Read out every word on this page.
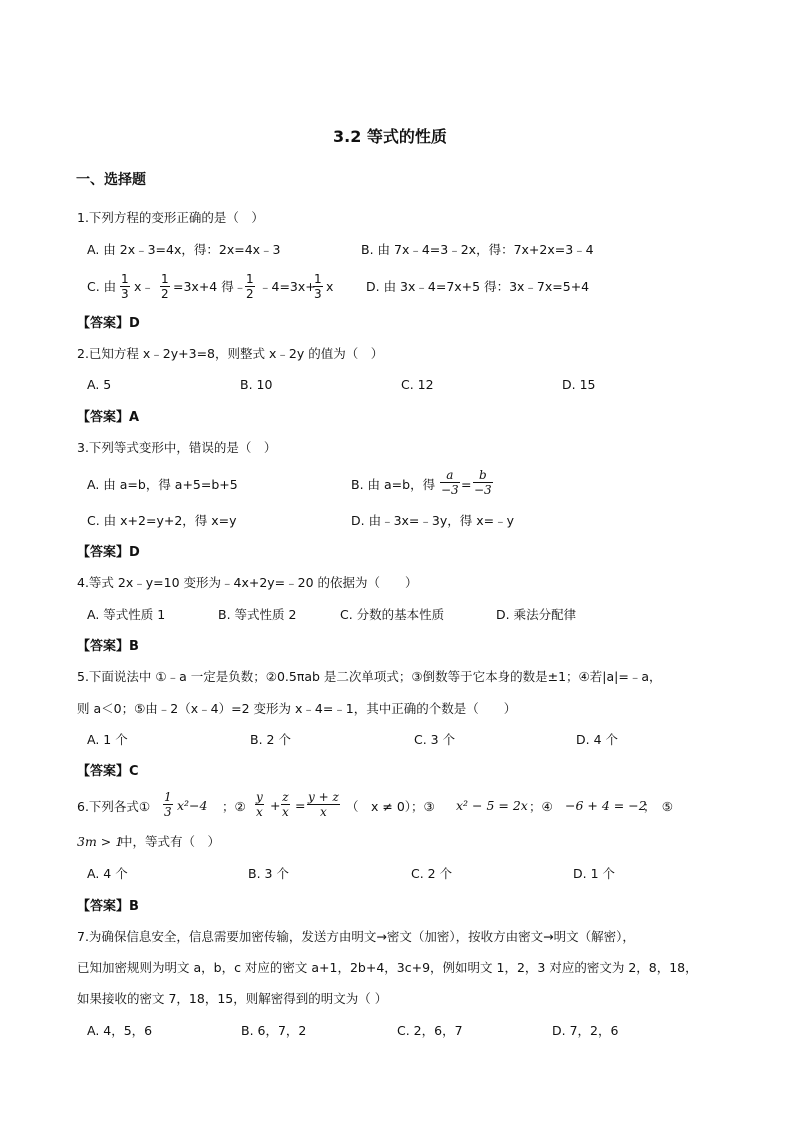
3.2 等式的性质
一、选择题
1.下列方程的变形正确的是（　）
A. 由 2x﹣3=4x，得：2x=4x﹣3	B. 由 7x﹣4=3﹣2x，得：7x+2x=3﹣4
C. 由 $\frac{1}{3}$ x﹣ $\frac{1}{2} =3x+4$ 得﹣
$\frac{1}{2}$ ﹣4=3x+
$\frac{1}{3}$ x	D. 由 3x﹣4=7x+5 得：3x﹣7x=5+4
【答案】D
2.已知方程 x﹣2y+3=8，则整式 x﹣2y 的值为（　）
A. 5	B. 10	C. 12	D. 15
【答案】A
3.下列等式变形中，错误的是（　）
A. 由 a=b，得 a+5=b+5	B. 由 a=b，得 $\frac{a}{-3} = \frac{b}{-3}$
C. 由 x+2=y+2，得 x=y	D. 由﹣3x=﹣3y，得 x=﹣y
【答案】D
4.等式 2x﹣y=10 变形为﹣4x+2y=﹣20 的依据为（　　）
A. 等式性质 1	B. 等式性质 2	C. 分数的基本性质	D. 乘法分配律
【答案】B
5.下面说法中 ①﹣a 一定是负数；②0.5πab 是二次单项式；③倒数等于它本身的数是±1；④若|a|=﹣a，
则 a＜0；⑤由﹣2（x﹣4）=2 变形为 x﹣4=﹣1，其中正确的个数是（　　）
A. 1 个	B. 2 个	C. 3 个	D. 4 个
【答案】C
6.下列各式① $\frac{1}{3} x^2-4$ ；② $\frac{y}{x} + \frac{z}{x} = \frac{y + z}{x}$ （　x ≠ 0）；③ x² − 5 = 2x ；④ −6 + 4 = −2
；　⑤
3m > 1
中，等式有（　）
A. 4 个	B. 3 个	C. 2 个	D. 1 个
【答案】B
7.为确保信息安全，信息需要加密传输，发送方由明文→密文（加密），按收方由密文→明文（解密），
已知加密规则为明文 a，b，c 对应的密文 a+1，2b+4，3c+9，例如明文 1，2，3 对应的密文为 2，8，18，
如果接收的密文 7，18，15，则解密得到的明文为（ ）
A. 4，5，6	B. 6，7，2	C. 2，6，7	D. 7，2，6
